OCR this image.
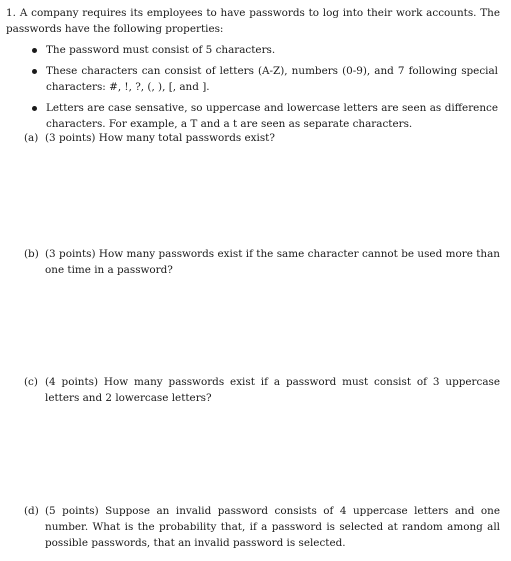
1. A company requires its employees to have passwords to log into their work accounts. The passwords have the following properties:
The password must consist of 5 characters.
These characters can consist of letters (A-Z), numbers (0-9), and 7 following special characters: #, !, ?, (, ), [, and ].
Letters are case sensative, so uppercase and lowercase letters are seen as difference characters. For example, a T and a t are seen as separate characters.
(a) (3 points) How many total passwords exist?
(b) (3 points) How many passwords exist if the same character cannot be used more than one time in a password?
(c) (4 points) How many passwords exist if a password must consist of 3 uppercase letters and 2 lowercase letters?
(d) (5 points) Suppose an invalid password consists of 4 uppercase letters and one number. What is the probability that, if a password is selected at random among all possible passwords, that an invalid password is selected.
